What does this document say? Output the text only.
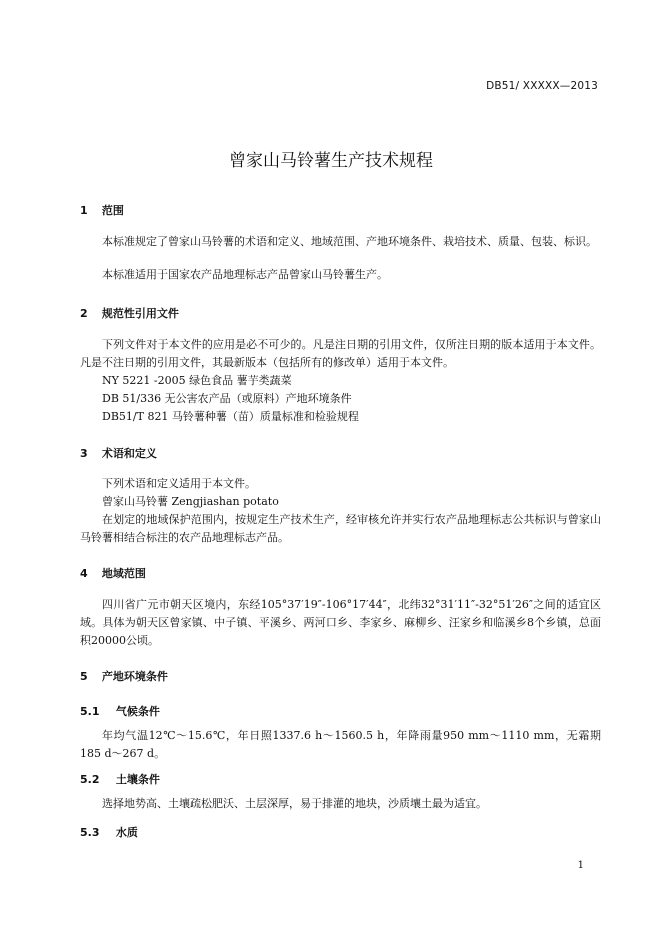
DB51/ XXXXX—2013
曾家山马铃薯生产技术规程
1 范围
本标准规定了曾家山马铃薯的术语和定义、地域范围、产地环境条件、栽培技术、质量、包装、标识。
本标准适用于国家农产品地理标志产品曾家山马铃薯生产。
2 规范性引用文件
下列文件对于本文件的应用是必不可少的。凡是注日期的引用文件，仅所注日期的版本适用于本文件。凡是不注日期的引用文件，其最新版本（包括所有的修改单）适用于本文件。
NY 5221 -2005 绿色食品 薯芋类蔬菜
DB 51/336 无公害农产品（或原料）产地环境条件
DB51/T 821 马铃薯种薯（苗）质量标准和检验规程
3 术语和定义
下列术语和定义适用于本文件。
曾家山马铃薯 Zengjiashan potato
在划定的地域保护范围内，按规定生产技术生产，经审核允许并实行农产品地理标志公共标识与曾家山马铃薯相结合标注的农产品地理标志产品。
4 地域范围
四川省广元市朝天区境内，东经105°37′19″-106°17′44″，北纬32°31′11″-32°51′26″之间的适宜区域。具体为朝天区曾家镇、中子镇、平溪乡、两河口乡、李家乡、麻柳乡、汪家乡和临溪乡8个乡镇，总面积20000公顷。
5 产地环境条件
5.1 气候条件
年均气温12℃～15.6℃，年日照1337.6 h～1560.5 h，年降雨量950 mm～1110 mm，无霜期185 d～267 d。
5.2 土壤条件
选择地势高、土壤疏松肥沃、土层深厚，易于排灌的地块，沙质壤土最为适宜。
5.3 水质
1
